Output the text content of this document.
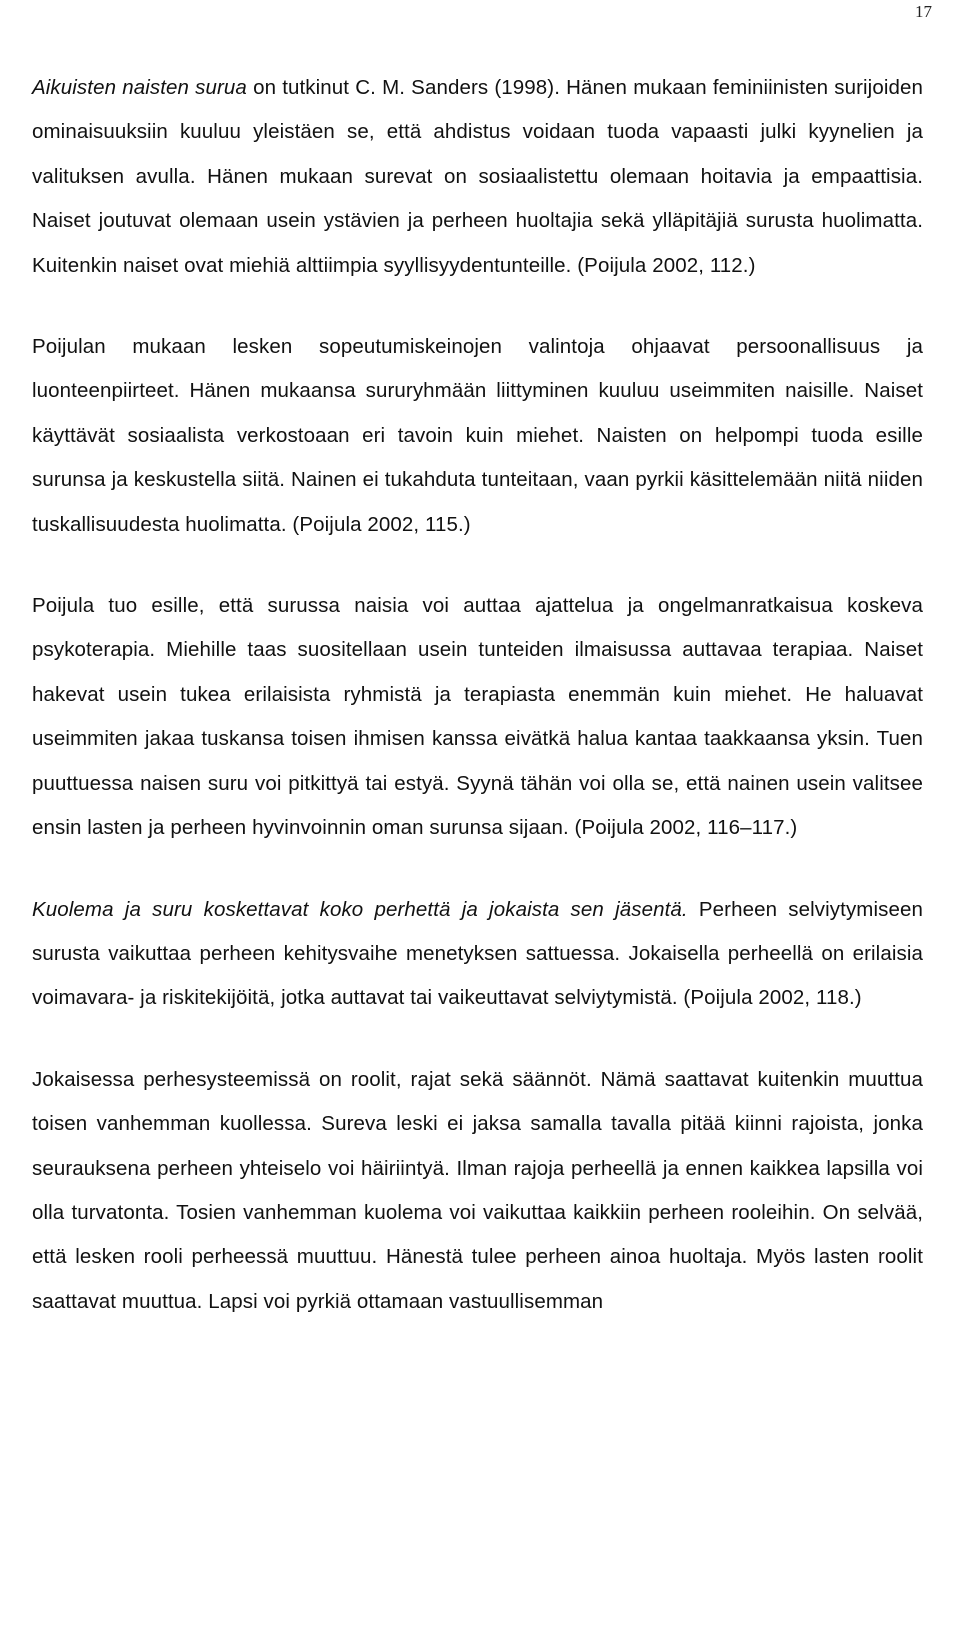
17

Aikuisten naisten surua on tutkinut C. M. Sanders (1998). Hänen mukaan feminiinisten surijoiden ominaisuuksiin kuuluu yleistäen se, että ahdistus voidaan tuoda vapaasti julki kyynelien ja valituksen avulla. Hänen mukaan surevat on sosiaalistettu olemaan hoitavia ja empaattisia. Naiset joutuvat olemaan usein ystävien ja perheen huoltajia sekä ylläpitäjiä surusta huolimatta. Kuitenkin naiset ovat miehiä alttiimpia syyllisyydentunteille. (Poijula 2002, 112.)

Poijulan mukaan lesken sopeutumiskeinojen valintoja ohjaavat persoonallisuus ja luonteenpiirteet. Hänen mukaansa sururyhmään liittyminen kuuluu useimmiten naisille. Naiset käyttävät sosiaalista verkostoaan eri tavoin kuin miehet. Naisten on helpompi tuoda esille surunsa ja keskustella siitä. Nainen ei tukahduta tunteitaan, vaan pyrkii käsittelemään niitä niiden tuskallisuudesta huolimatta. (Poijula 2002, 115.)

Poijula tuo esille, että surussa naisia voi auttaa ajattelua ja ongelmanratkaisua koskeva psykoterapia. Miehille taas suositellaan usein tunteiden ilmaisussa auttavaa terapiaa. Naiset hakevat usein tukea erilaisista ryhmistä ja terapiasta enemmän kuin miehet. He haluavat useimmiten jakaa tuskansa toisen ihmisen kanssa eivätkä halua kantaa taakkaansa yksin. Tuen puuttuessa naisen suru voi pitkittyä tai estyä. Syynä tähän voi olla se, että nainen usein valitsee ensin lasten ja perheen hyvinvoinnin oman surunsa sijaan. (Poijula 2002, 116–117.)

Kuolema ja suru koskettavat koko perhettä ja jokaista sen jäsentä. Perheen selviytymiseen surusta vaikuttaa perheen kehitysvaihe menetyksen sattuessa. Jokaisella perheellä on erilaisia voimavara- ja riskitekijöitä, jotka auttavat tai vaikeuttavat selviytymistä. (Poijula 2002, 118.)

Jokaisessa perhesysteemissä on roolit, rajat sekä säännöt. Nämä saattavat kuitenkin muuttua toisen vanhemman kuollessa. Sureva leski ei jaksa samalla tavalla pitää kiinni rajoista, jonka seurauksena perheen yhteiselo voi häiriintyä. Ilman rajoja perheellä ja ennen kaikkea lapsilla voi olla turvatonta. Tosien vanhemman kuolema voi vaikuttaa kaikkiin perheen rooleihin. On selvää, että lesken rooli perheessä muuttuu. Hänestä tulee perheen ainoa huoltaja. Myös lasten roolit saattavat muuttua. Lapsi voi pyrkiä ottamaan vastuullisemman
